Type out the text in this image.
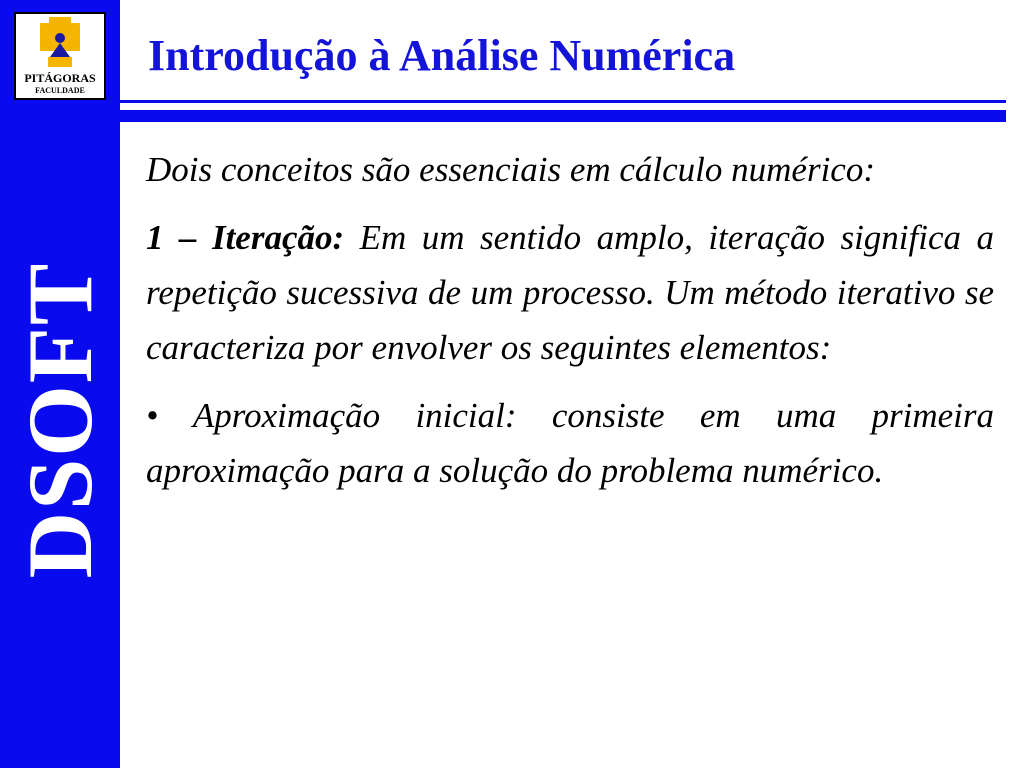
PITÁGORAS
FACULDADE
DSOFT
Introdução à Análise Numérica

Dois conceitos são essenciais em cálculo numérico:

1 – Iteração: Em um sentido amplo, iteração significa a repetição sucessiva de um processo. Um método iterativo se caracteriza por envolver os seguintes elementos:

• Aproximação inicial: consiste em uma primeira aproximação para a solução do problema numérico.
